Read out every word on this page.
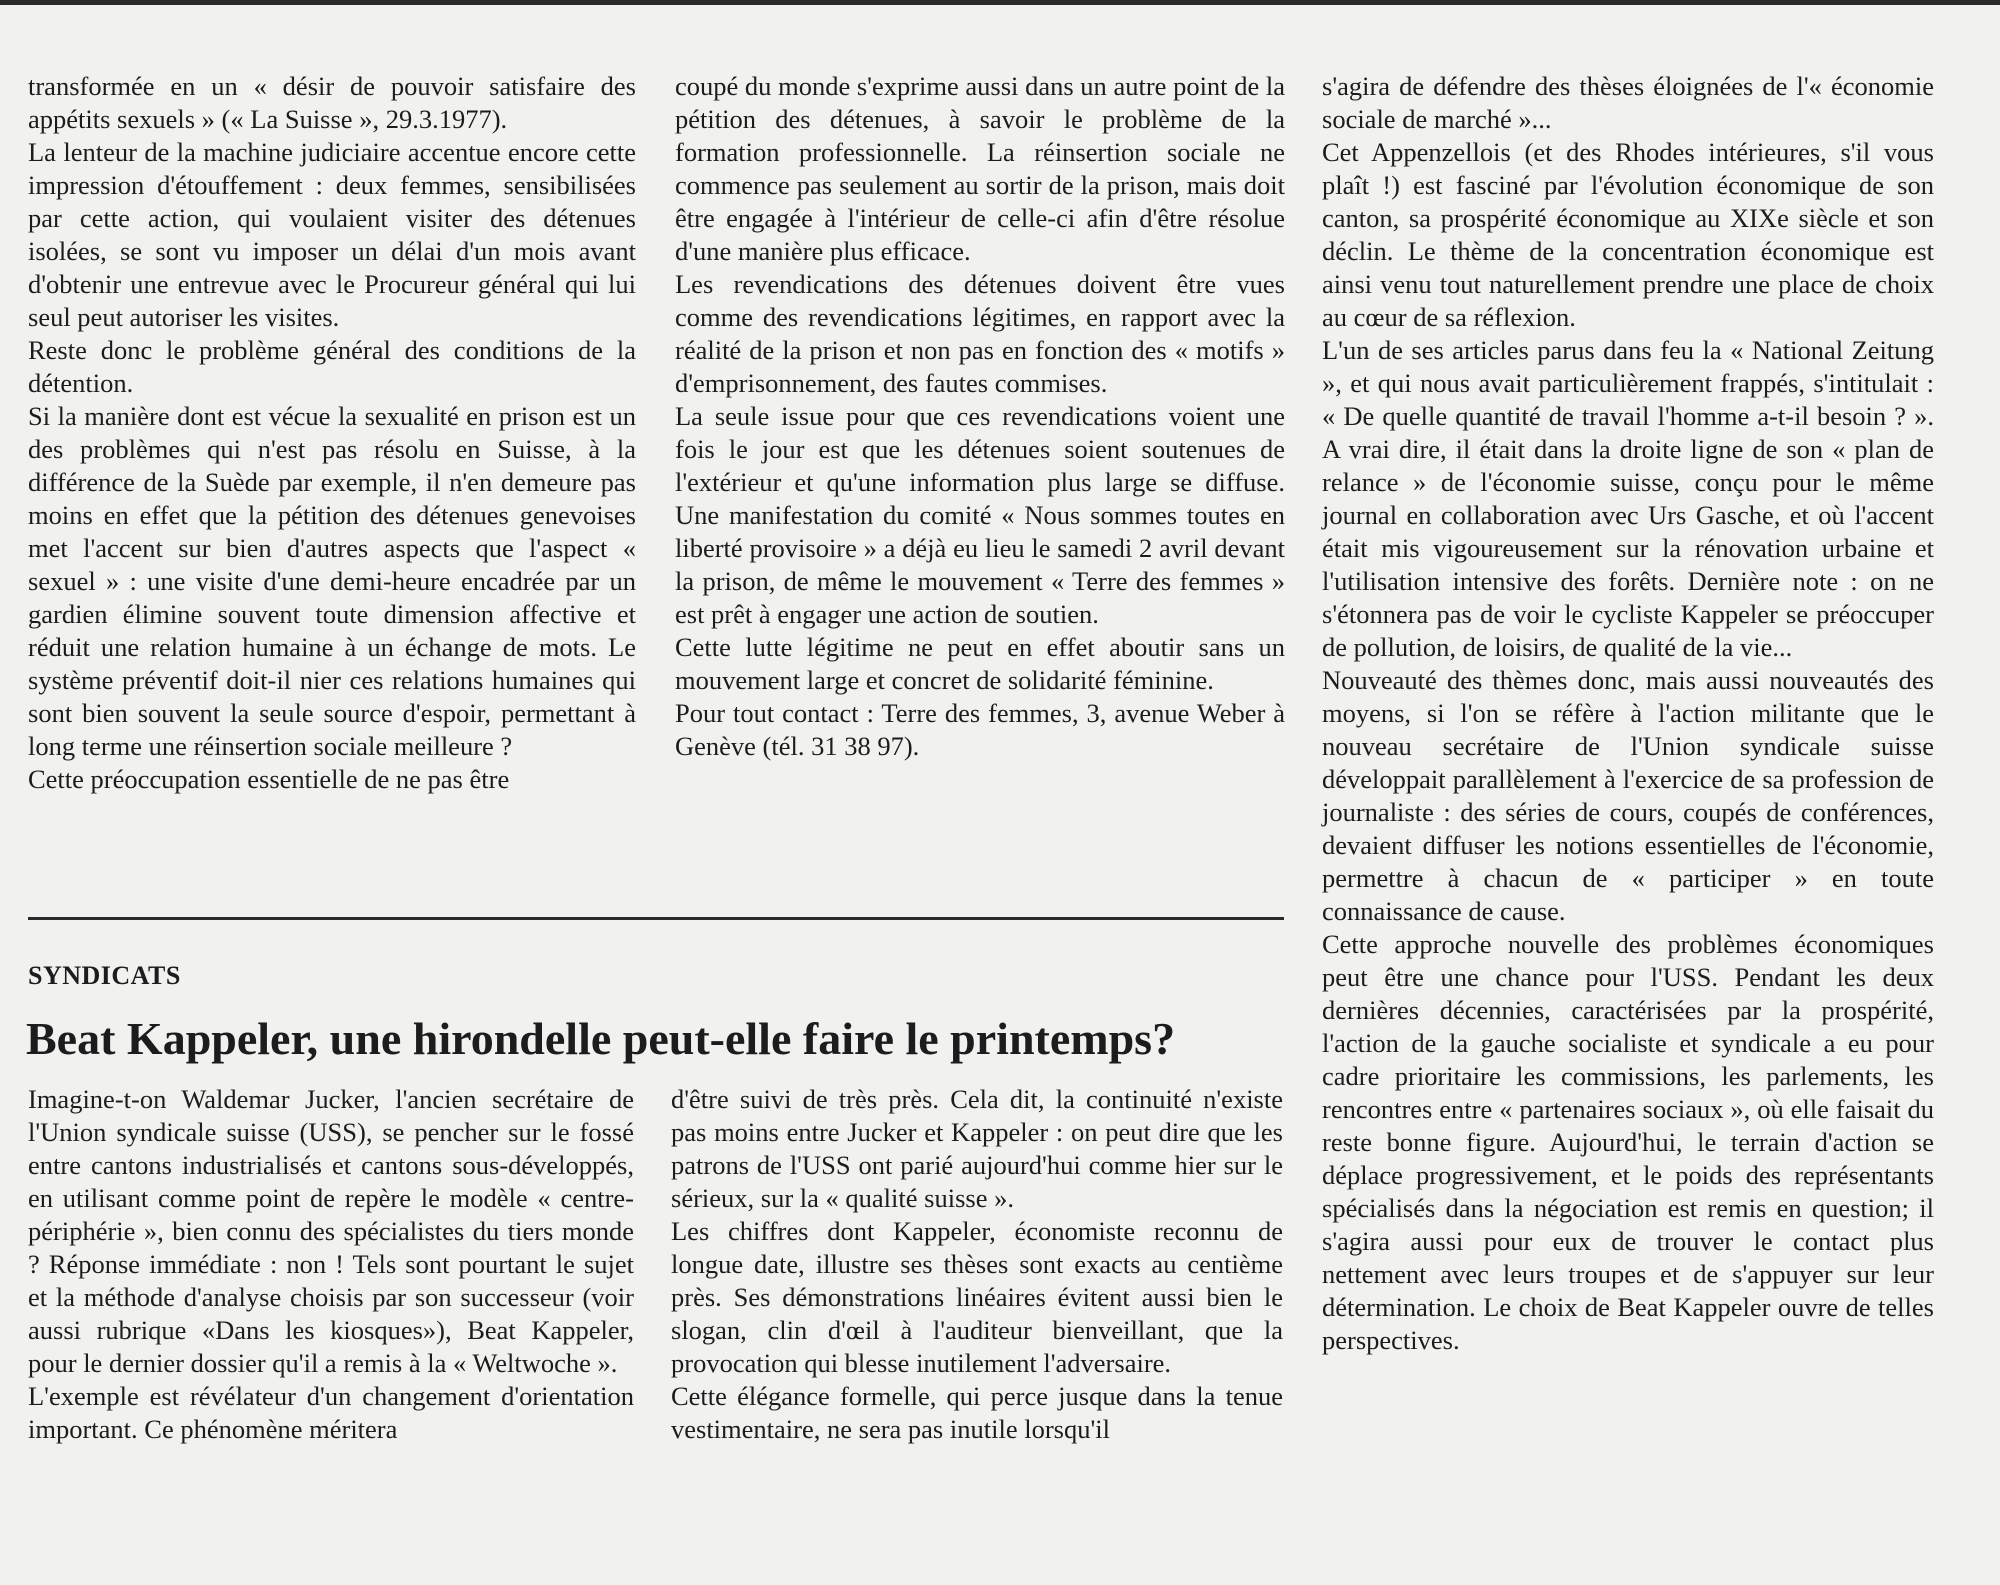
transformée en un « désir de pouvoir satisfaire des appétits sexuels » (« La Suisse », 29.3.1977).

La lenteur de la machine judiciaire accentue encore cette impression d'étouffement : deux femmes, sensibilisées par cette action, qui voulaient visiter des détenues isolées, se sont vu imposer un délai d'un mois avant d'obtenir une entrevue avec le Procureur général qui lui seul peut autoriser les visites.

Reste donc le problème général des conditions de la détention.

Si la manière dont est vécue la sexualité en prison est un des problèmes qui n'est pas résolu en Suisse, à la différence de la Suède par exemple, il n'en demeure pas moins en effet que la pétition des détenues genevoises met l'accent sur bien d'autres aspects que l'aspect « sexuel » : une visite d'une demi-heure encadrée par un gardien élimine souvent toute dimension affective et réduit une relation humaine à un échange de mots. Le système préventif doit-il nier ces relations humaines qui sont bien souvent la seule source d'espoir, permettant à long terme une réinsertion sociale meilleure ?

Cette préoccupation essentielle de ne pas être

coupé du monde s'exprime aussi dans un autre point de la pétition des détenues, à savoir le problème de la formation professionnelle. La réinsertion sociale ne commence pas seulement au sortir de la prison, mais doit être engagée à l'intérieur de celle-ci afin d'être résolue d'une manière plus efficace.

Les revendications des détenues doivent être vues comme des revendications légitimes, en rapport avec la réalité de la prison et non pas en fonction des « motifs » d'emprisonnement, des fautes commises.

La seule issue pour que ces revendications voient une fois le jour est que les détenues soient soutenues de l'extérieur et qu'une information plus large se diffuse. Une manifestation du comité « Nous sommes toutes en liberté provisoire » a déjà eu lieu le samedi 2 avril devant la prison, de même le mouvement « Terre des femmes » est prêt à engager une action de soutien.

Cette lutte légitime ne peut en effet aboutir sans un mouvement large et concret de solidarité féminine.

Pour tout contact : Terre des femmes, 3, avenue Weber à Genève (tél. 31 38 97).

s'agira de défendre des thèses éloignées de l'« économie sociale de marché »...

Cet Appenzellois (et des Rhodes intérieures, s'il vous plaît !) est fasciné par l'évolution économique de son canton, sa prospérité économique au XIXe siècle et son déclin. Le thème de la concentration économique est ainsi venu tout naturellement prendre une place de choix au cœur de sa réflexion.

L'un de ses articles parus dans feu la « National Zeitung », et qui nous avait particulièrement frappés, s'intitulait : « De quelle quantité de travail l'homme a-t-il besoin ? ». A vrai dire, il était dans la droite ligne de son « plan de relance » de l'économie suisse, conçu pour le même journal en collaboration avec Urs Gasche, et où l'accent était mis vigoureusement sur la rénovation urbaine et l'utilisation intensive des forêts. Dernière note : on ne s'étonnera pas de voir le cycliste Kappeler se préoccuper de pollution, de loisirs, de qualité de la vie...

Nouveauté des thèmes donc, mais aussi nouveautés des moyens, si l'on se réfère à l'action militante que le nouveau secrétaire de l'Union syndicale suisse développait parallèlement à l'exercice de sa profession de journaliste : des séries de cours, coupés de conférences, devaient diffuser les notions essentielles de l'économie, permettre à chacun de « participer » en toute connaissance de cause.

Cette approche nouvelle des problèmes économiques peut être une chance pour l'USS. Pendant les deux dernières décennies, caractérisées par la prospérité, l'action de la gauche socialiste et syndicale a eu pour cadre prioritaire les commissions, les parlements, les rencontres entre « partenaires sociaux », où elle faisait du reste bonne figure. Aujourd'hui, le terrain d'action se déplace progressivement, et le poids des représentants spécialisés dans la négociation est remis en question; il s'agira aussi pour eux de trouver le contact plus nettement avec leurs troupes et de s'appuyer sur leur détermination. Le choix de Beat Kappeler ouvre de telles perspectives.

SYNDICATS
Beat Kappeler, une hirondelle peut-elle faire le printemps?

Imagine-t-on Waldemar Jucker, l'ancien secrétaire de l'Union syndicale suisse (USS), se pencher sur le fossé entre cantons industrialisés et cantons sous-développés, en utilisant comme point de repère le modèle « centre-périphérie », bien connu des spécialistes du tiers monde ? Réponse immédiate : non ! Tels sont pourtant le sujet et la méthode d'analyse choisis par son successeur (voir aussi rubrique «Dans les kiosques»), Beat Kappeler, pour le dernier dossier qu'il a remis à la « Weltwoche ».

L'exemple est révélateur d'un changement d'orientation important. Ce phénomène méritera

d'être suivi de très près. Cela dit, la continuité n'existe pas moins entre Jucker et Kappeler : on peut dire que les patrons de l'USS ont parié aujourd'hui comme hier sur le sérieux, sur la « qualité suisse ».

Les chiffres dont Kappeler, économiste reconnu de longue date, illustre ses thèses sont exacts au centième près. Ses démonstrations linéaires évitent aussi bien le slogan, clin d'œil à l'auditeur bienveillant, que la provocation qui blesse inutilement l'adversaire.

Cette élégance formelle, qui perce jusque dans la tenue vestimentaire, ne sera pas inutile lorsqu'il
